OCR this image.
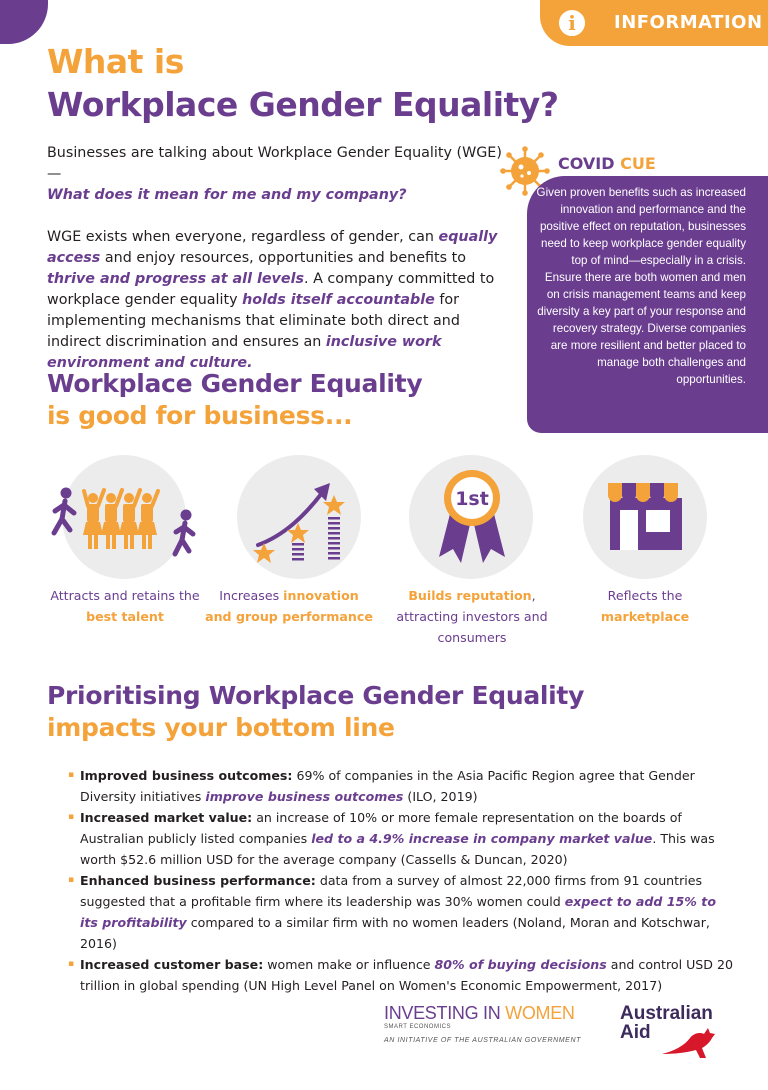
i	INFORMATION
What is
Workplace Gender Equality?

Businesses are talking about Workplace Gender Equality (WGE)—
What does it mean for me and my company?

WGE exists when everyone, regardless of gender, can equally access and enjoy resources, opportunities and benefits to thrive and progress at all levels. A company committed to workplace gender equality holds itself accountable for implementing mechanisms that eliminate both direct and indirect discrimination and ensures an inclusive work environment and culture.

COVID CUE
Given proven benefits such as increased innovation and performance and the positive effect on reputation, businesses need to keep workplace gender equality top of mind—especially in a crisis. Ensure there are both women and men on crisis management teams and keep diversity a key part of your response and recovery strategy. Diverse companies are more resilient and better placed to manage both challenges and opportunities.
Workplace Gender Equality
is good for business...
1st
Attracts and retains the best talent
Increases innovation and group performance
Builds reputation, attracting investors and consumers
Reflects the
marketplace
Prioritising Workplace Gender Equality
impacts your bottom line
▪ Improved business outcomes: 69% of companies in the Asia Pacific Region agree that Gender Diversity initiatives improve business outcomes (ILO, 2019)
▪ Increased market value: an increase of 10% or more female representation on the boards of Australian publicly listed companies led to a 4.9% increase in company market value. This was worth $52.6 million USD for the average company (Cassells & Duncan, 2020)
▪ Enhanced business performance: data from a survey of almost 22,000 firms from 91 countries suggested that a profitable firm where its leadership was 30% women could expect to add 15% to its profitability compared to a similar firm with no women leaders (Noland, Moran and Kotschwar, 2016)
▪ Increased customer base: women make or influence 80% of buying decisions and control USD 20 trillion in global spending (UN High Level Panel on Women's Economic Empowerment, 2017)
INVESTING IN WOMEN
SMART ECONOMICS
AN INITIATIVE OF THE AUSTRALIAN GOVERNMENT
Australian
Aid
